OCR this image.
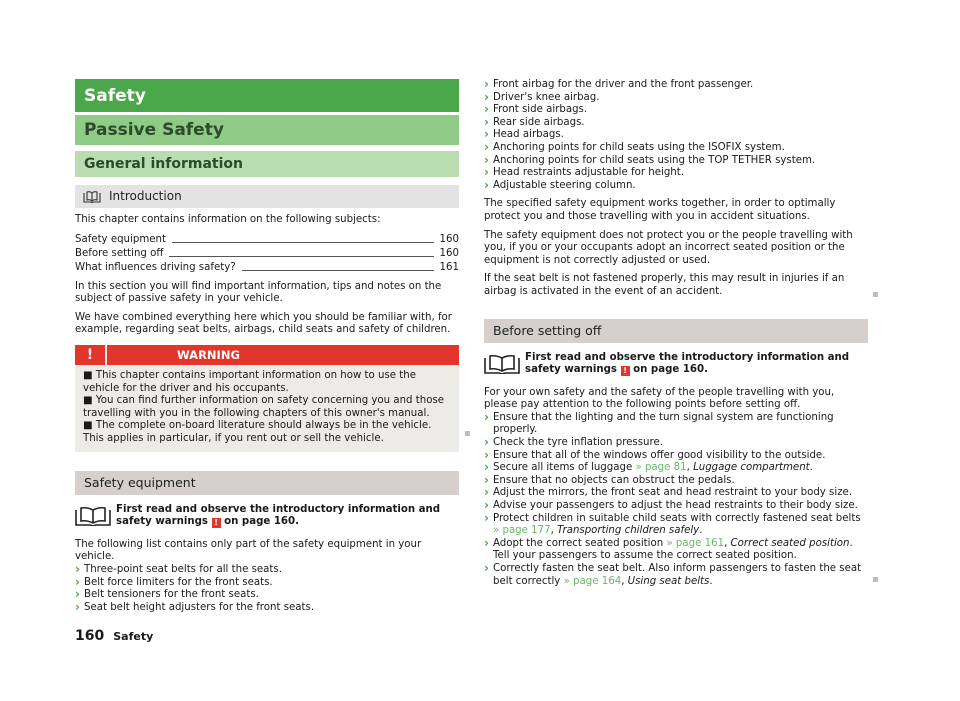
Safety
Passive Safety
General information
Introduction

This chapter contains information on the following subjects:

Safety equipment	160
Before setting off	160
What influences driving safety?	161

In this section you will find important information, tips and notes on the subject of passive safety in your vehicle.

We have combined everything here which you should be familiar with, for example, regarding seat belts, airbags, child seats and safety of children.

!	WARNING
■ This chapter contains important information on how to use the vehicle for the driver and his occupants.
■ You can find further information on safety concerning you and those travelling with you in the following chapters of this owner's manual.
■ The complete on-board literature should always be in the vehicle. This applies in particular, if you rent out or sell the vehicle.
Safety equipment
First read and observe the introductory information and safety warnings ! on page 160.

The following list contains only part of the safety equipment in your vehicle.

› Three-point seat belts for all the seats.
› Belt force limiters for the front seats.
› Belt tensioners for the front seats.
› Seat belt height adjusters for the front seats.
› Front airbag for the driver and the front passenger.
› Driver's knee airbag.
› Front side airbags.
› Rear side airbags.
› Head airbags.
› Anchoring points for child seats using the ISOFIX system.
› Anchoring points for child seats using the TOP TETHER system.
› Head restraints adjustable for height.
› Adjustable steering column.

The specified safety equipment works together, in order to optimally protect you and those travelling with you in accident situations.

The safety equipment does not protect you or the people travelling with you, if you or your occupants adopt an incorrect seated position or the equipment is not correctly adjusted or used.

If the seat belt is not fastened properly, this may result in injuries if an airbag is activated in the event of an accident.

Before setting off
First read and observe the introductory information and safety warnings ! on page 160.

For your own safety and the safety of the people travelling with you, please pay attention to the following points before setting off.

› Ensure that the lighting and the turn signal system are functioning properly.
› Check the tyre inflation pressure.
› Ensure that all of the windows offer good visibility to the outside.
› Secure all items of luggage » page 81, Luggage compartment.
› Ensure that no objects can obstruct the pedals.
› Adjust the mirrors, the front seat and head restraint to your body size.
› Advise your passengers to adjust the head restraints to their body size.
› Protect children in suitable child seats with correctly fastened seat belts » page 177, Transporting children safely.
› Adopt the correct seated position » page 161, Correct seated position. Tell your passengers to assume the correct seated position.
› Correctly fasten the seat belt. Also inform passengers to fasten the seat belt correctly » page 164, Using seat belts.
160 Safety
